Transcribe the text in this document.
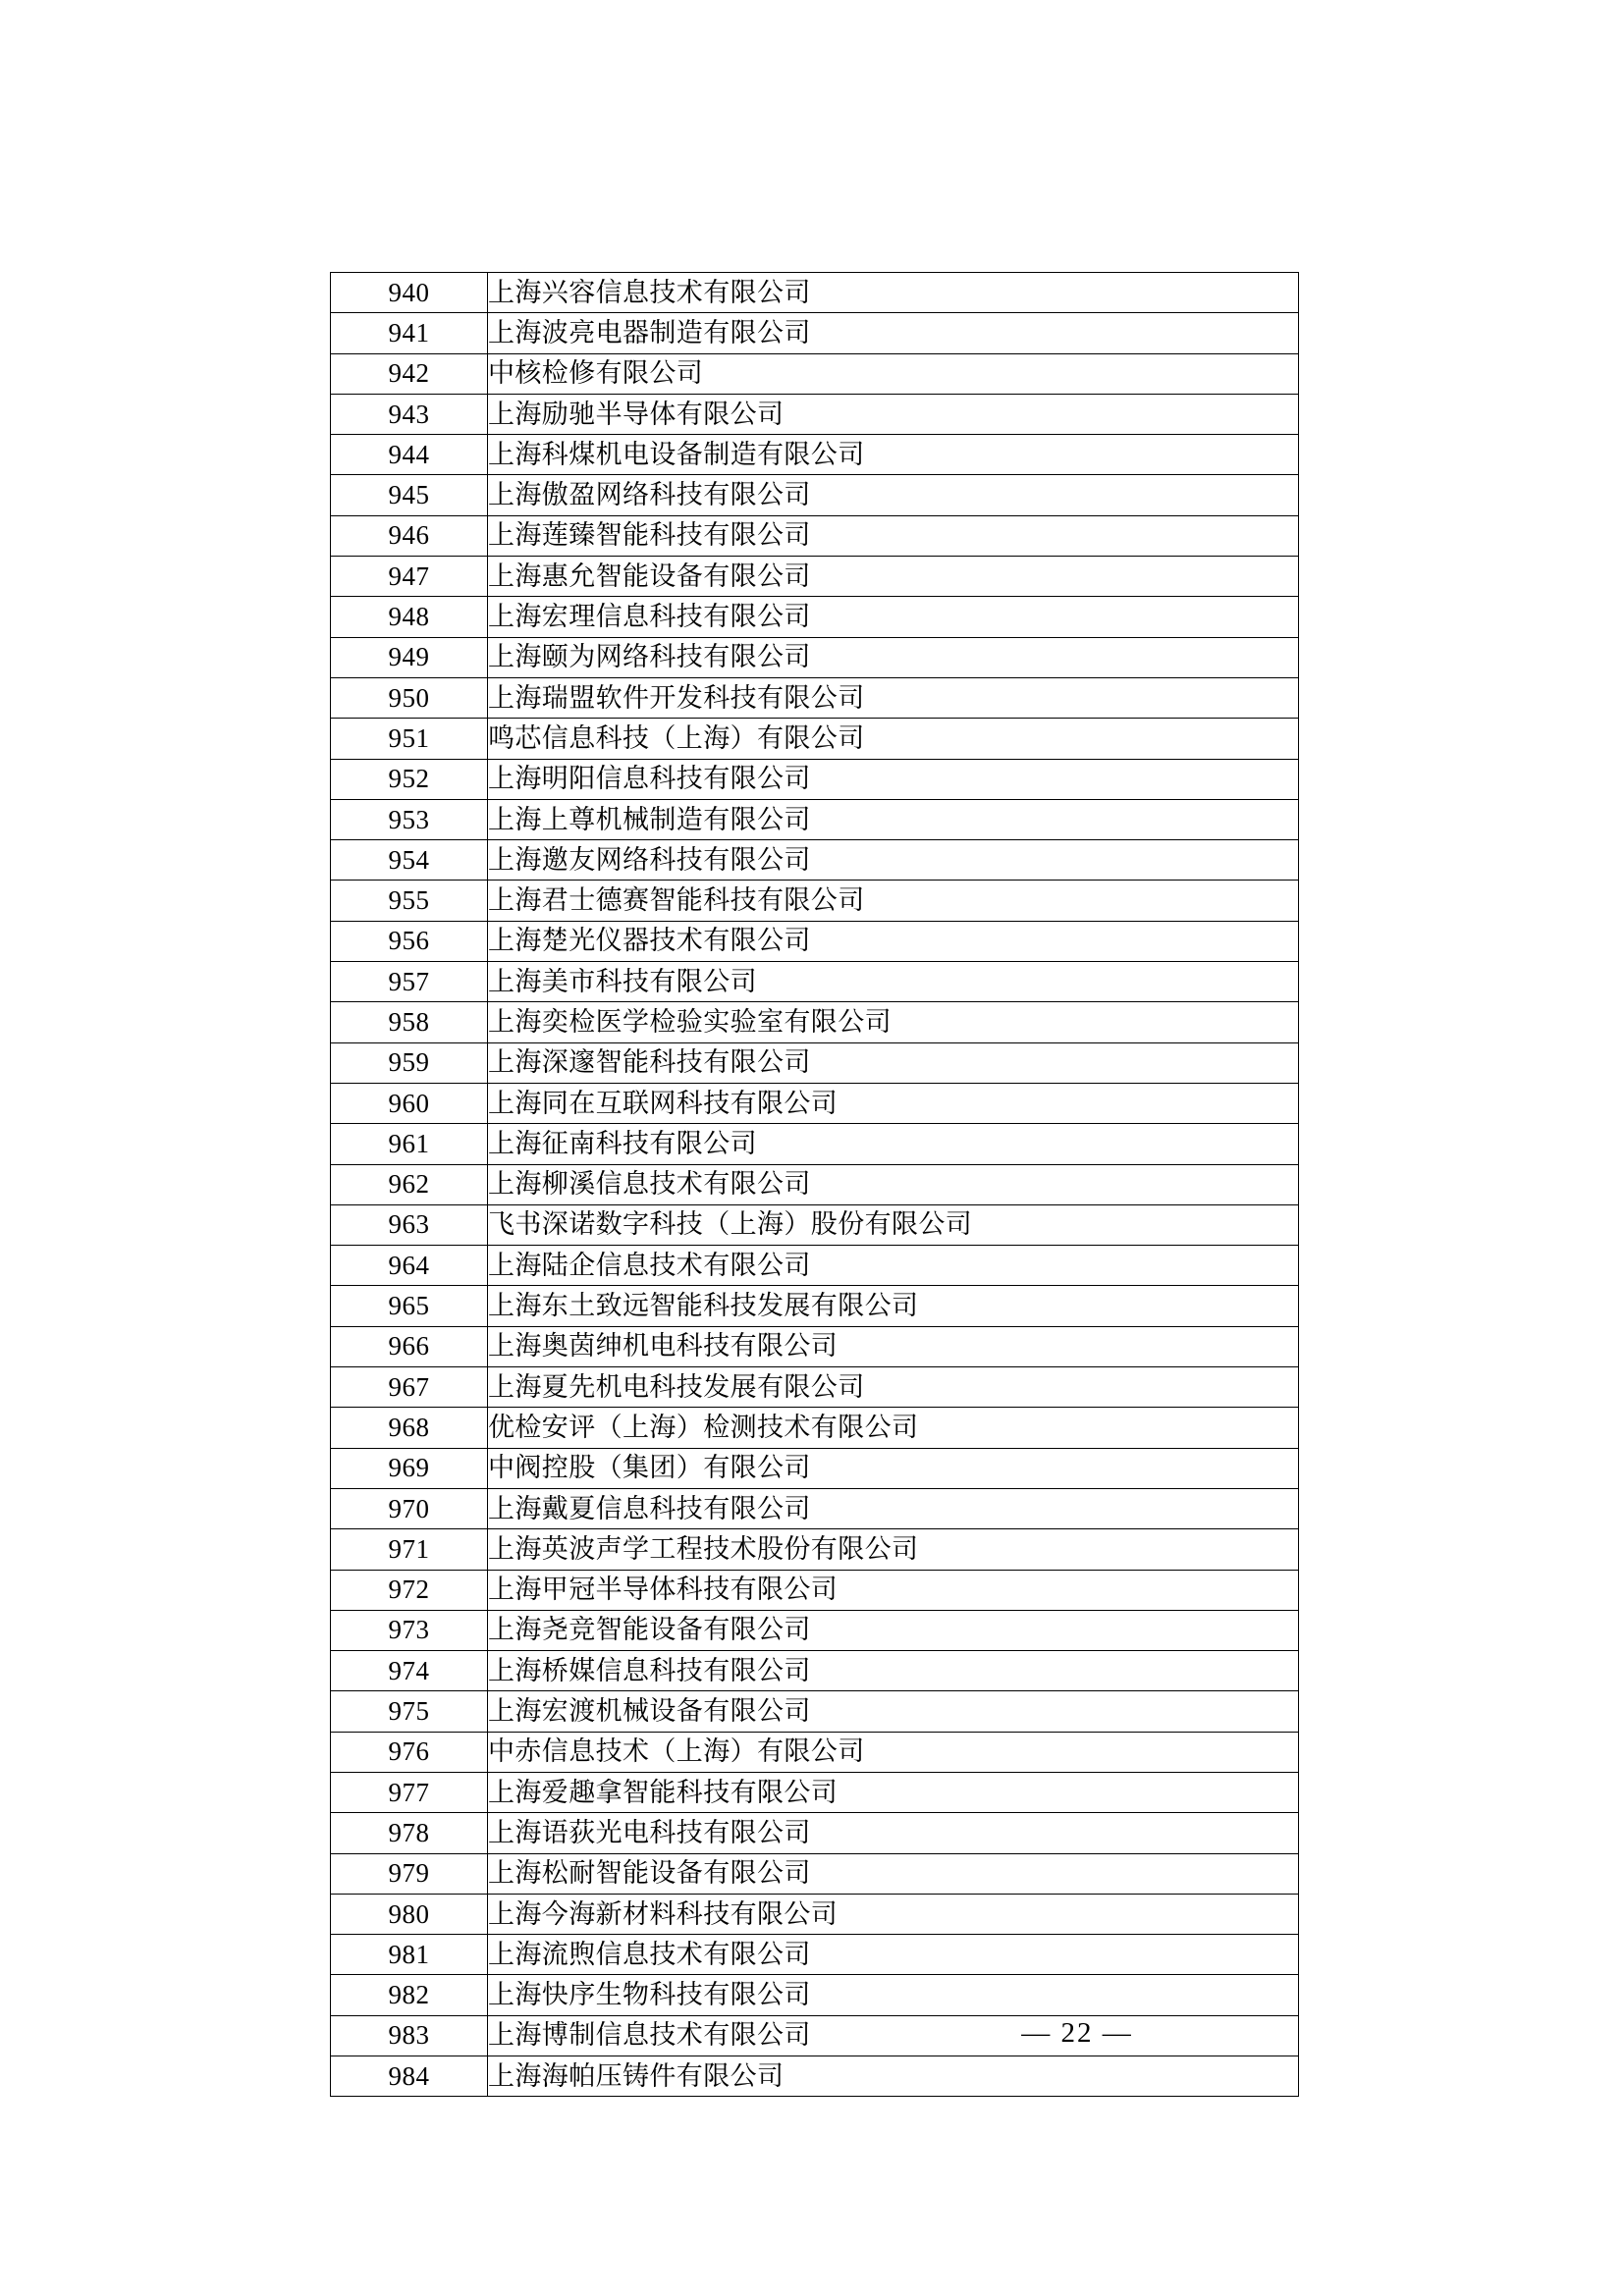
940	上海兴容信息技术有限公司
941	上海波亮电器制造有限公司
942	中核检修有限公司
943	上海励驰半导体有限公司
944	上海科煤机电设备制造有限公司
945	上海傲盈网络科技有限公司
946	上海莲臻智能科技有限公司
947	上海惠允智能设备有限公司
948	上海宏理信息科技有限公司
949	上海颐为网络科技有限公司
950	上海瑞盟软件开发科技有限公司
951	鸣芯信息科技（上海）有限公司
952	上海明阳信息科技有限公司
953	上海上尊机械制造有限公司
954	上海邀友网络科技有限公司
955	上海君士德赛智能科技有限公司
956	上海楚光仪器技术有限公司
957	上海美市科技有限公司
958	上海奕检医学检验实验室有限公司
959	上海深邃智能科技有限公司
960	上海同在互联网科技有限公司
961	上海征南科技有限公司
962	上海柳溪信息技术有限公司
963	飞书深诺数字科技（上海）股份有限公司
964	上海陆企信息技术有限公司
965	上海东土致远智能科技发展有限公司
966	上海奥茵绅机电科技有限公司
967	上海夏先机电科技发展有限公司
968	优检安评（上海）检测技术有限公司
969	中阀控股（集团）有限公司
970	上海戴夏信息科技有限公司
971	上海英波声学工程技术股份有限公司
972	上海甲冠半导体科技有限公司
973	上海尧竞智能设备有限公司
974	上海桥媒信息科技有限公司
975	上海宏渡机械设备有限公司
976	中赤信息技术（上海）有限公司
977	上海爱趣拿智能科技有限公司
978	上海语荻光电科技有限公司
979	上海松耐智能设备有限公司
980	上海今海新材料科技有限公司
981	上海流煦信息技术有限公司
982	上海快序生物科技有限公司
983	上海博制信息技术有限公司
984	上海海帕压铸件有限公司
— 22 —
